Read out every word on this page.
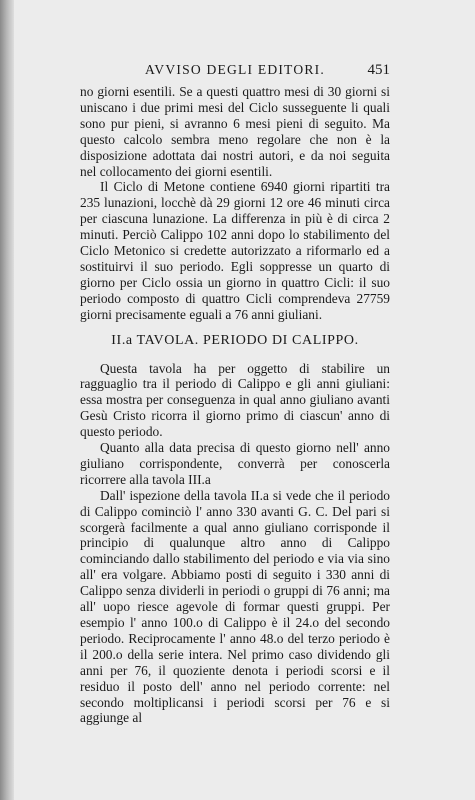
AVVISO DEGLI EDITORI.	451

no giorni esentili. Se a questi quattro mesi di 30 giorni si uniscano i due primi mesi del Ciclo susseguente li quali sono pur pieni, si avranno 6 mesi pieni di seguito. Ma questo calcolo sembra meno regolare che non è la disposizione adottata dai nostri autori, e da noi seguita nel collocamento dei giorni esentili.

Il Ciclo di Metone contiene 6940 giorni ripartiti tra 235 lunazioni, locchè dà 29 giorni 12 ore 46 minuti circa per ciascuna lunazione. La differenza in più è di circa 2 minuti. Perciò Calippo 102 anni dopo lo stabilimento del Ciclo Metonico si credette autorizzato a riformarlo ed a sostituirvi il suo periodo. Egli soppresse un quarto di giorno per Ciclo ossia un giorno in quattro Cicli: il suo periodo composto di quattro Cicli comprendeva 27759 giorni precisamente eguali a 76 anni giuliani.

II.a TAVOLA. PERIODO DI CALIPPO.

Questa tavola ha per oggetto di stabilire un ragguaglio tra il periodo di Calippo e gli anni giuliani: essa mostra per conseguenza in qual anno giuliano avanti Gesù Cristo ricorra il giorno primo di ciascun' anno di questo periodo.

Quanto alla data precisa di questo giorno nell' anno giuliano corrispondente, converrà per conoscerla ricorrere alla tavola III.a

Dall' ispezione della tavola II.a si vede che il periodo di Calippo cominciò l' anno 330 avanti G. C. Del pari si scorgerà facilmente a qual anno giuliano corrisponde il principio di qualunque altro anno di Calippo cominciando dallo stabilimento del periodo e via via sino all' era volgare. Abbiamo posti di seguito i 330 anni di Calippo senza dividerli in periodi o gruppi di 76 anni; ma all' uopo riesce agevole di formar questi gruppi. Per esempio l' anno 100.o di Calippo è il 24.o del secondo periodo. Reciprocamente l' anno 48.o del terzo periodo è il 200.o della serie intera. Nel primo caso dividendo gli anni per 76, il quoziente denota i periodi scorsi e il residuo il posto dell' anno nel periodo corrente: nel secondo moltiplicansi i periodi scorsi per 76 e si aggiunge al
